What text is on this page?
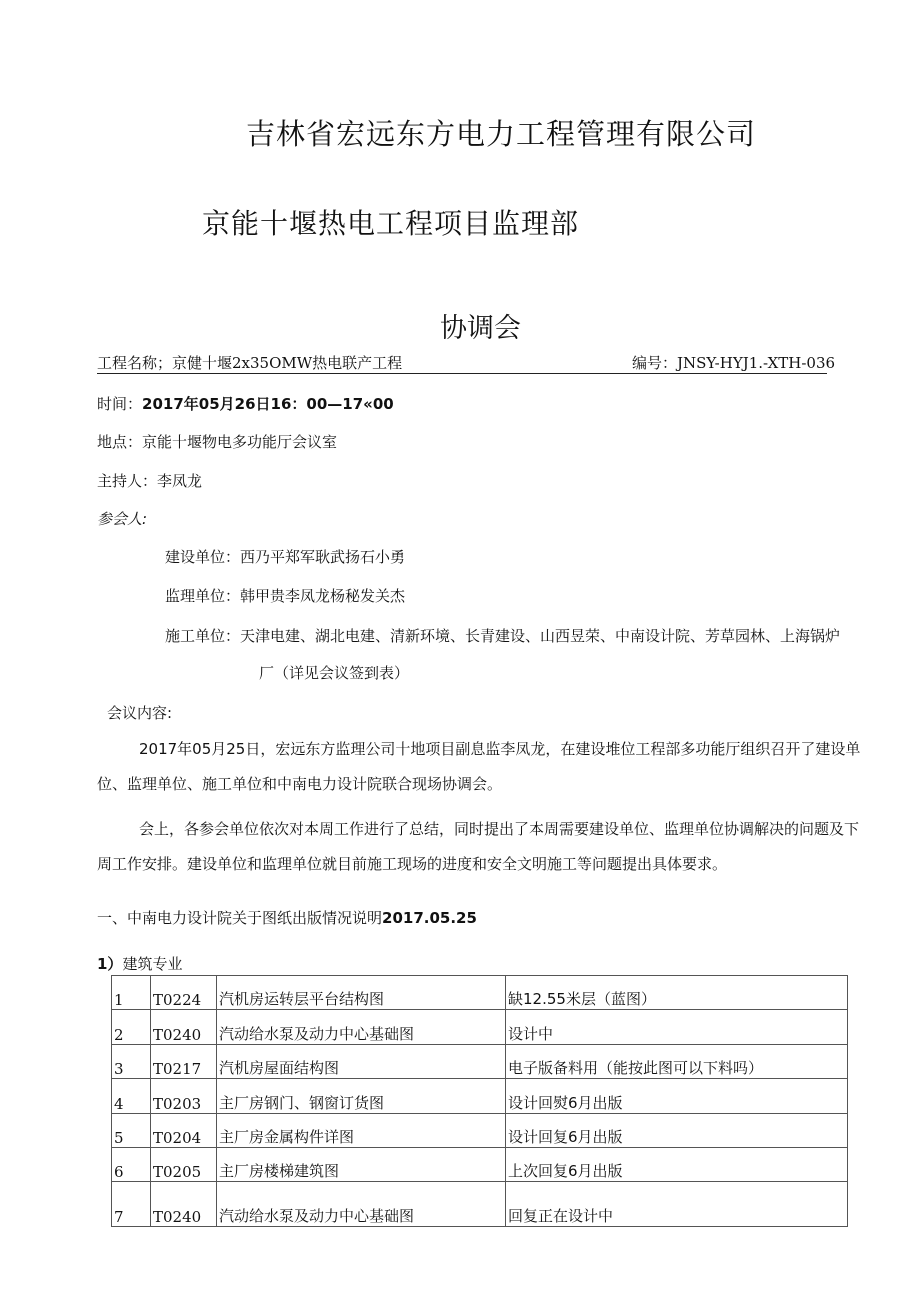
吉林省宏远东方电力工程管理有限公司
京能十堰热电工程项目监理部
协调会
工程名称；京健十堰2x35OMW热电联产工程	编号：JNSY-HYJ1.-XTH-036
时间：2017年05月26日16：00—17«00
地点：京能十堰物电多功能厅会议室
主持人：李凤龙
参会人:
建设单位：西乃平郑军耿武扬石小勇
监理单位：韩甲贵李凤龙杨秘发关杰
施工单位：天津电建、湖北电建、清新环境、长青建设、山西昱荣、中南设计院、芳草园林、上海锅炉
厂（详见会议签到表）
会议内容:
2017年05月25日，宏远东方监理公司十地项目副息监李凤龙，在建设堆位工程部多功能厅组织召开了建设单位、监理单位、施工单位和中南电力设计院联合现场协调会。
会上，各参会单位依次对本周工作进行了总结，同时提出了本周需要建设单位、监理单位协调解决的问题及下周工作安排。建设单位和监理单位就目前施工现场的进度和安全文明施工等问题提出具体要求。
一、中南电力设计院关于图纸出版情况说明2017.05.25
1）建筑专业
1	T0224	汽机房运转层平台结构图	缺12.55米层（蓝图）
2	T0240	汽动给水泵及动力中心基础图	设计中
3	T0217	汽机房屋面结构图	电子版备料用（能按此图可以下料吗）
4	T0203	主厂房钢门、钢窗订货图	设计回熨6月出版
5	T0204	主厂房金属构件详图	设计回复6月出版
6	T0205	主厂房楼梯建筑图	上次回复6月出版
7	T0240	汽动给水泵及动力中心基础图	回复正在设计中
